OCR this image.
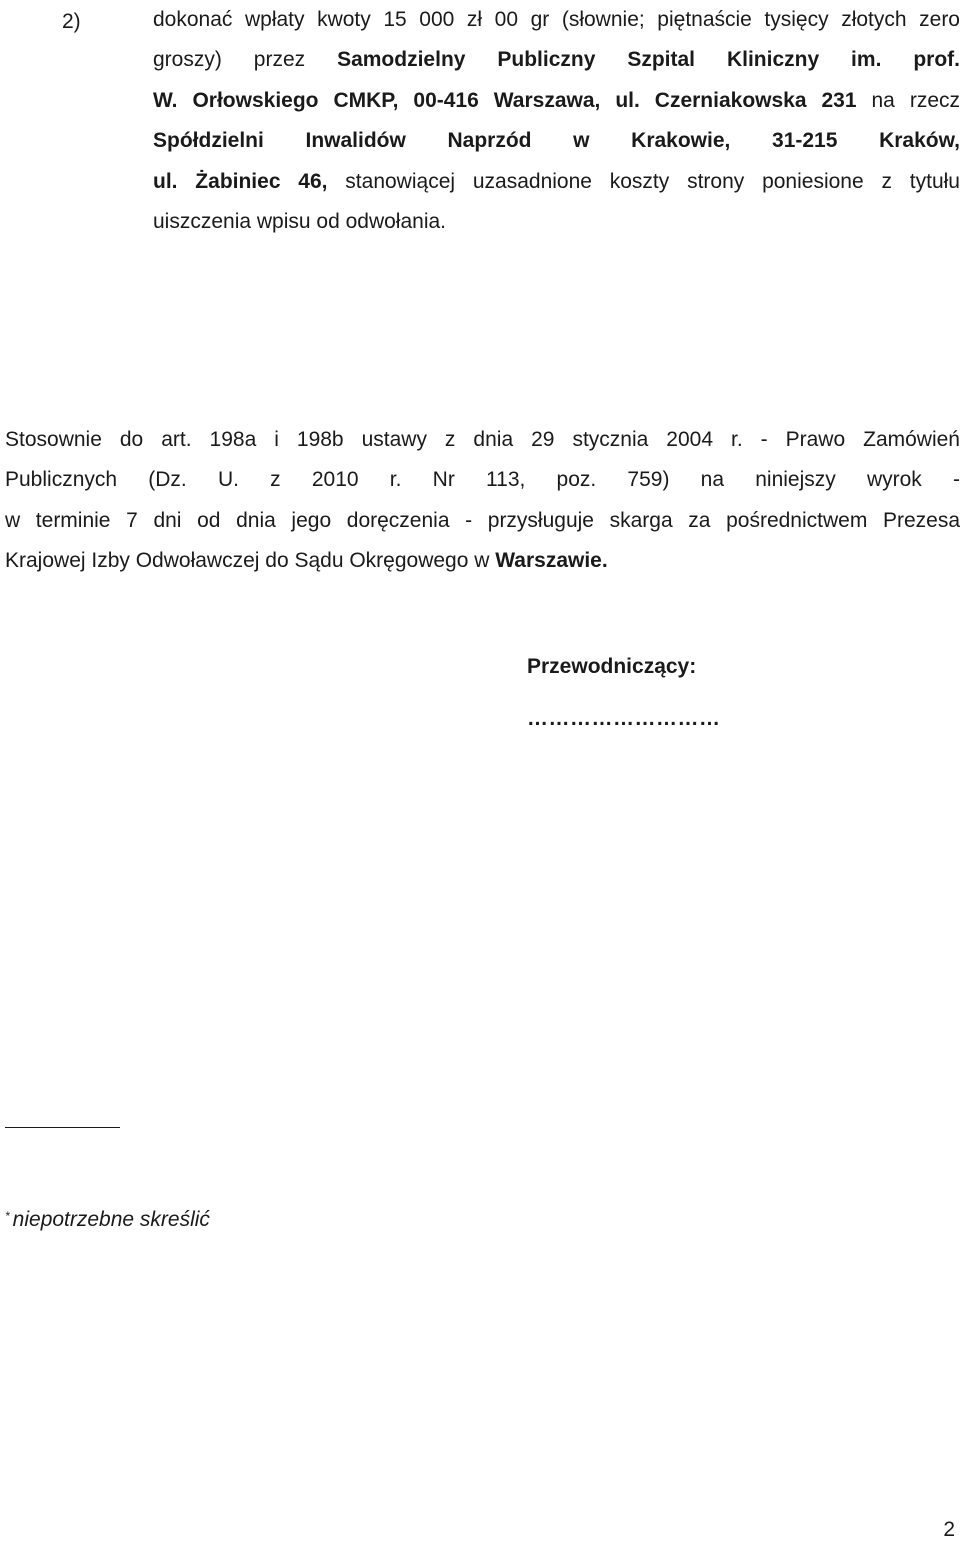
2)	dokonać wpłaty kwoty 15 000 zł 00 gr (słownie; piętnaście tysięcy złotych zero
groszy) przez Samodzielny Publiczny Szpital Kliniczny im. prof.
W. Orłowskiego CMKP, 00-416 Warszawa, ul. Czerniakowska 231 na rzecz
Spółdzielni Inwalidów Naprzód w Krakowie, 31-215 Kraków,
ul. Żabiniec 46, stanowiącej uzasadnione koszty strony poniesione z tytułu
uiszczenia wpisu od odwołania.
Stosownie do art. 198a i 198b ustawy z dnia 29 stycznia 2004 r. - Prawo Zamówień
Publicznych (Dz. U. z 2010 r. Nr 113, poz. 759) na niniejszy wyrok -
w terminie 7 dni od dnia jego doręczenia - przysługuje skarga za pośrednictwem Prezesa
Krajowej Izby Odwoławczej do Sądu Okręgowego w Warszawie.
Przewodniczący:
………………………
* niepotrzebne skreślić
2
